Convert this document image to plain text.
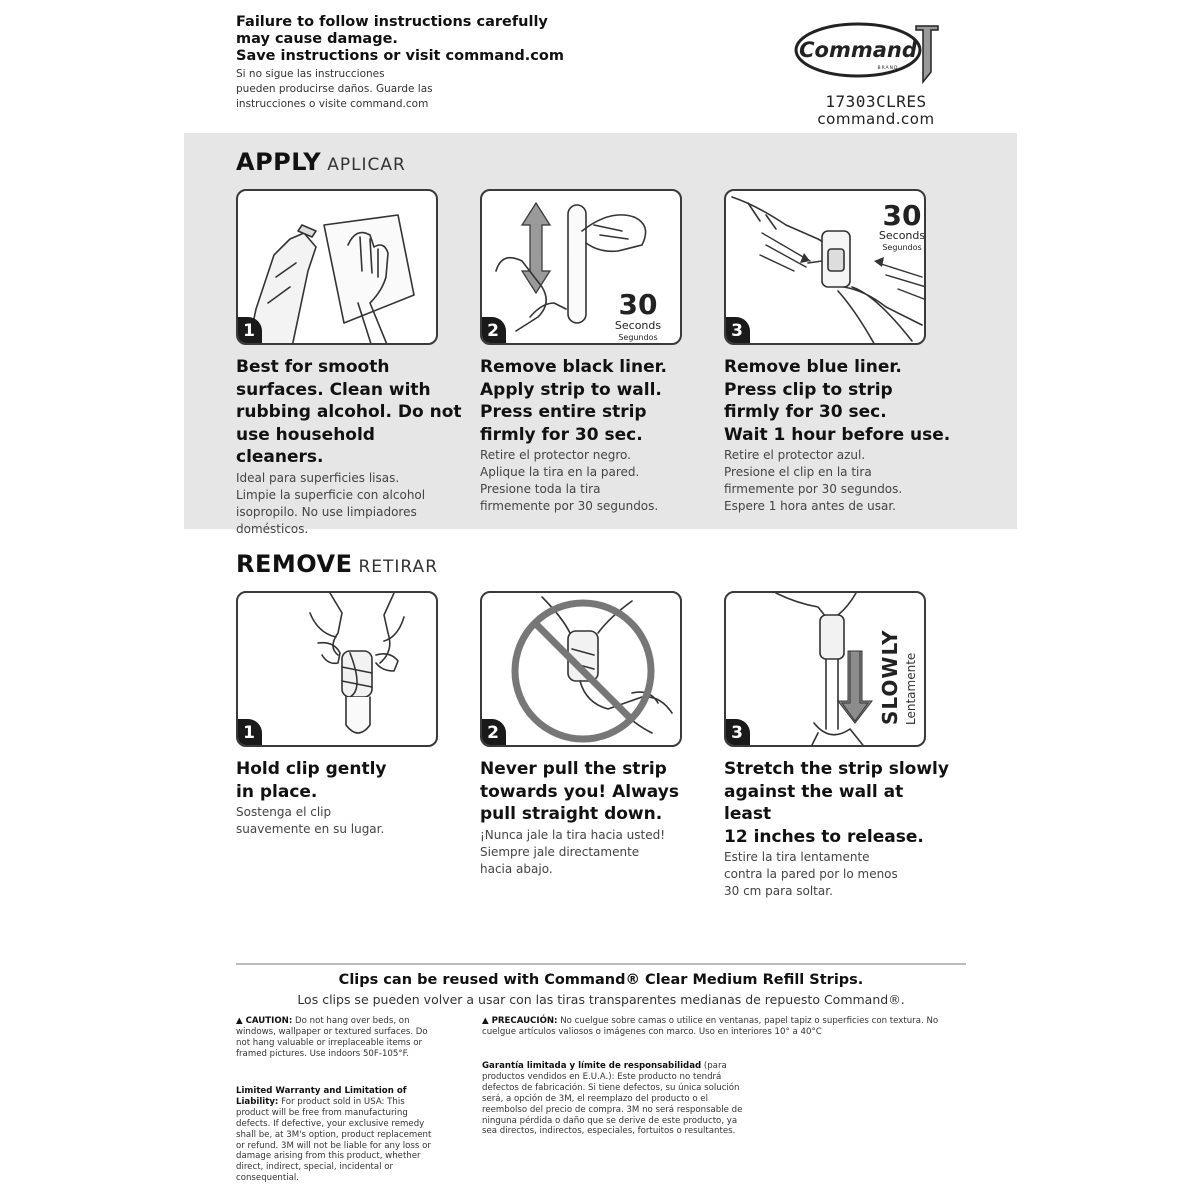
Failure to follow instructions carefully
may cause damage.
Save instructions or visit command.com
Si no sigue las instrucciones
pueden producirse daños. Guarde las
instrucciones o visite command.com
Command
BRAND
17303CLRES
command.com
APPLY APLICAR
1
Best for smooth
surfaces. Clean with
rubbing alcohol. Do not
use household cleaners.
Ideal para superficies lisas.
Limpie la superficie con alcohol
isopropilo. No use limpiadores
domésticos.
30
Seconds
Segundos
2
Remove black liner.
Apply strip to wall.
Press entire strip
firmly for 30 sec.
Retire el protector negro.
Aplique la tira en la pared.
Presione toda la tira
firmemente por 30 segundos.
30
Seconds
Segundos
3
Remove blue liner.
Press clip to strip
firmly for 30 sec.
Wait 1 hour before use.
Retire el protector azul.
Presione el clip en la tira
firmemente por 30 segundos.
Espere 1 hora antes de usar.
REMOVE RETIRAR
1
Hold clip gently
in place.
Sostenga el clip
suavemente en su lugar.
2
Never pull the strip
towards you! Always
pull straight down.
¡Nunca jale la tira hacia usted!
Siempre jale directamente
hacia abajo.
SLOWLY Lentamente
3
Stretch the strip slowly
against the wall at least
12 inches to release.
Estire la tira lentamente
contra la pared por lo menos
30 cm para soltar.
Clips can be reused with Command® Clear Medium Refill Strips.
Los clips se pueden volver a usar con las tiras transparentes medianas de repuesto Command®.
▲ CAUTION: Do not hang over beds, on windows, wallpaper or textured surfaces. Do not hang valuable or irreplaceable items or framed pictures. Use indoors 50F-105°F.
Limited Warranty and Limitation of Liability: For product sold in USA: This product will be free from manufacturing defects. If defective, your exclusive remedy shall be, at 3M's option, product replacement or refund. 3M will not be liable for any loss or damage arising from this product, whether direct, indirect, special, incidental or consequential.
▲ PRECAUCIÓN: No cuelgue sobre camas o utilice en ventanas, papel tapiz o superficies con textura. No cuelgue artículos valiosos o imágenes con marco. Uso en interiores 10° a 40°C
Garantía limitada y límite de responsabilidad (para productos vendidos en E.U.A.): Este producto no tendrá defectos de fabricación. Si tiene defectos, su única solución será, a opción de 3M, el reemplazo del producto o el reembolso del precio de compra. 3M no será responsable de ninguna pérdida o daño que se derive de este producto, ya sea directos, indirectos, especiales, fortuitos o resultantes.
